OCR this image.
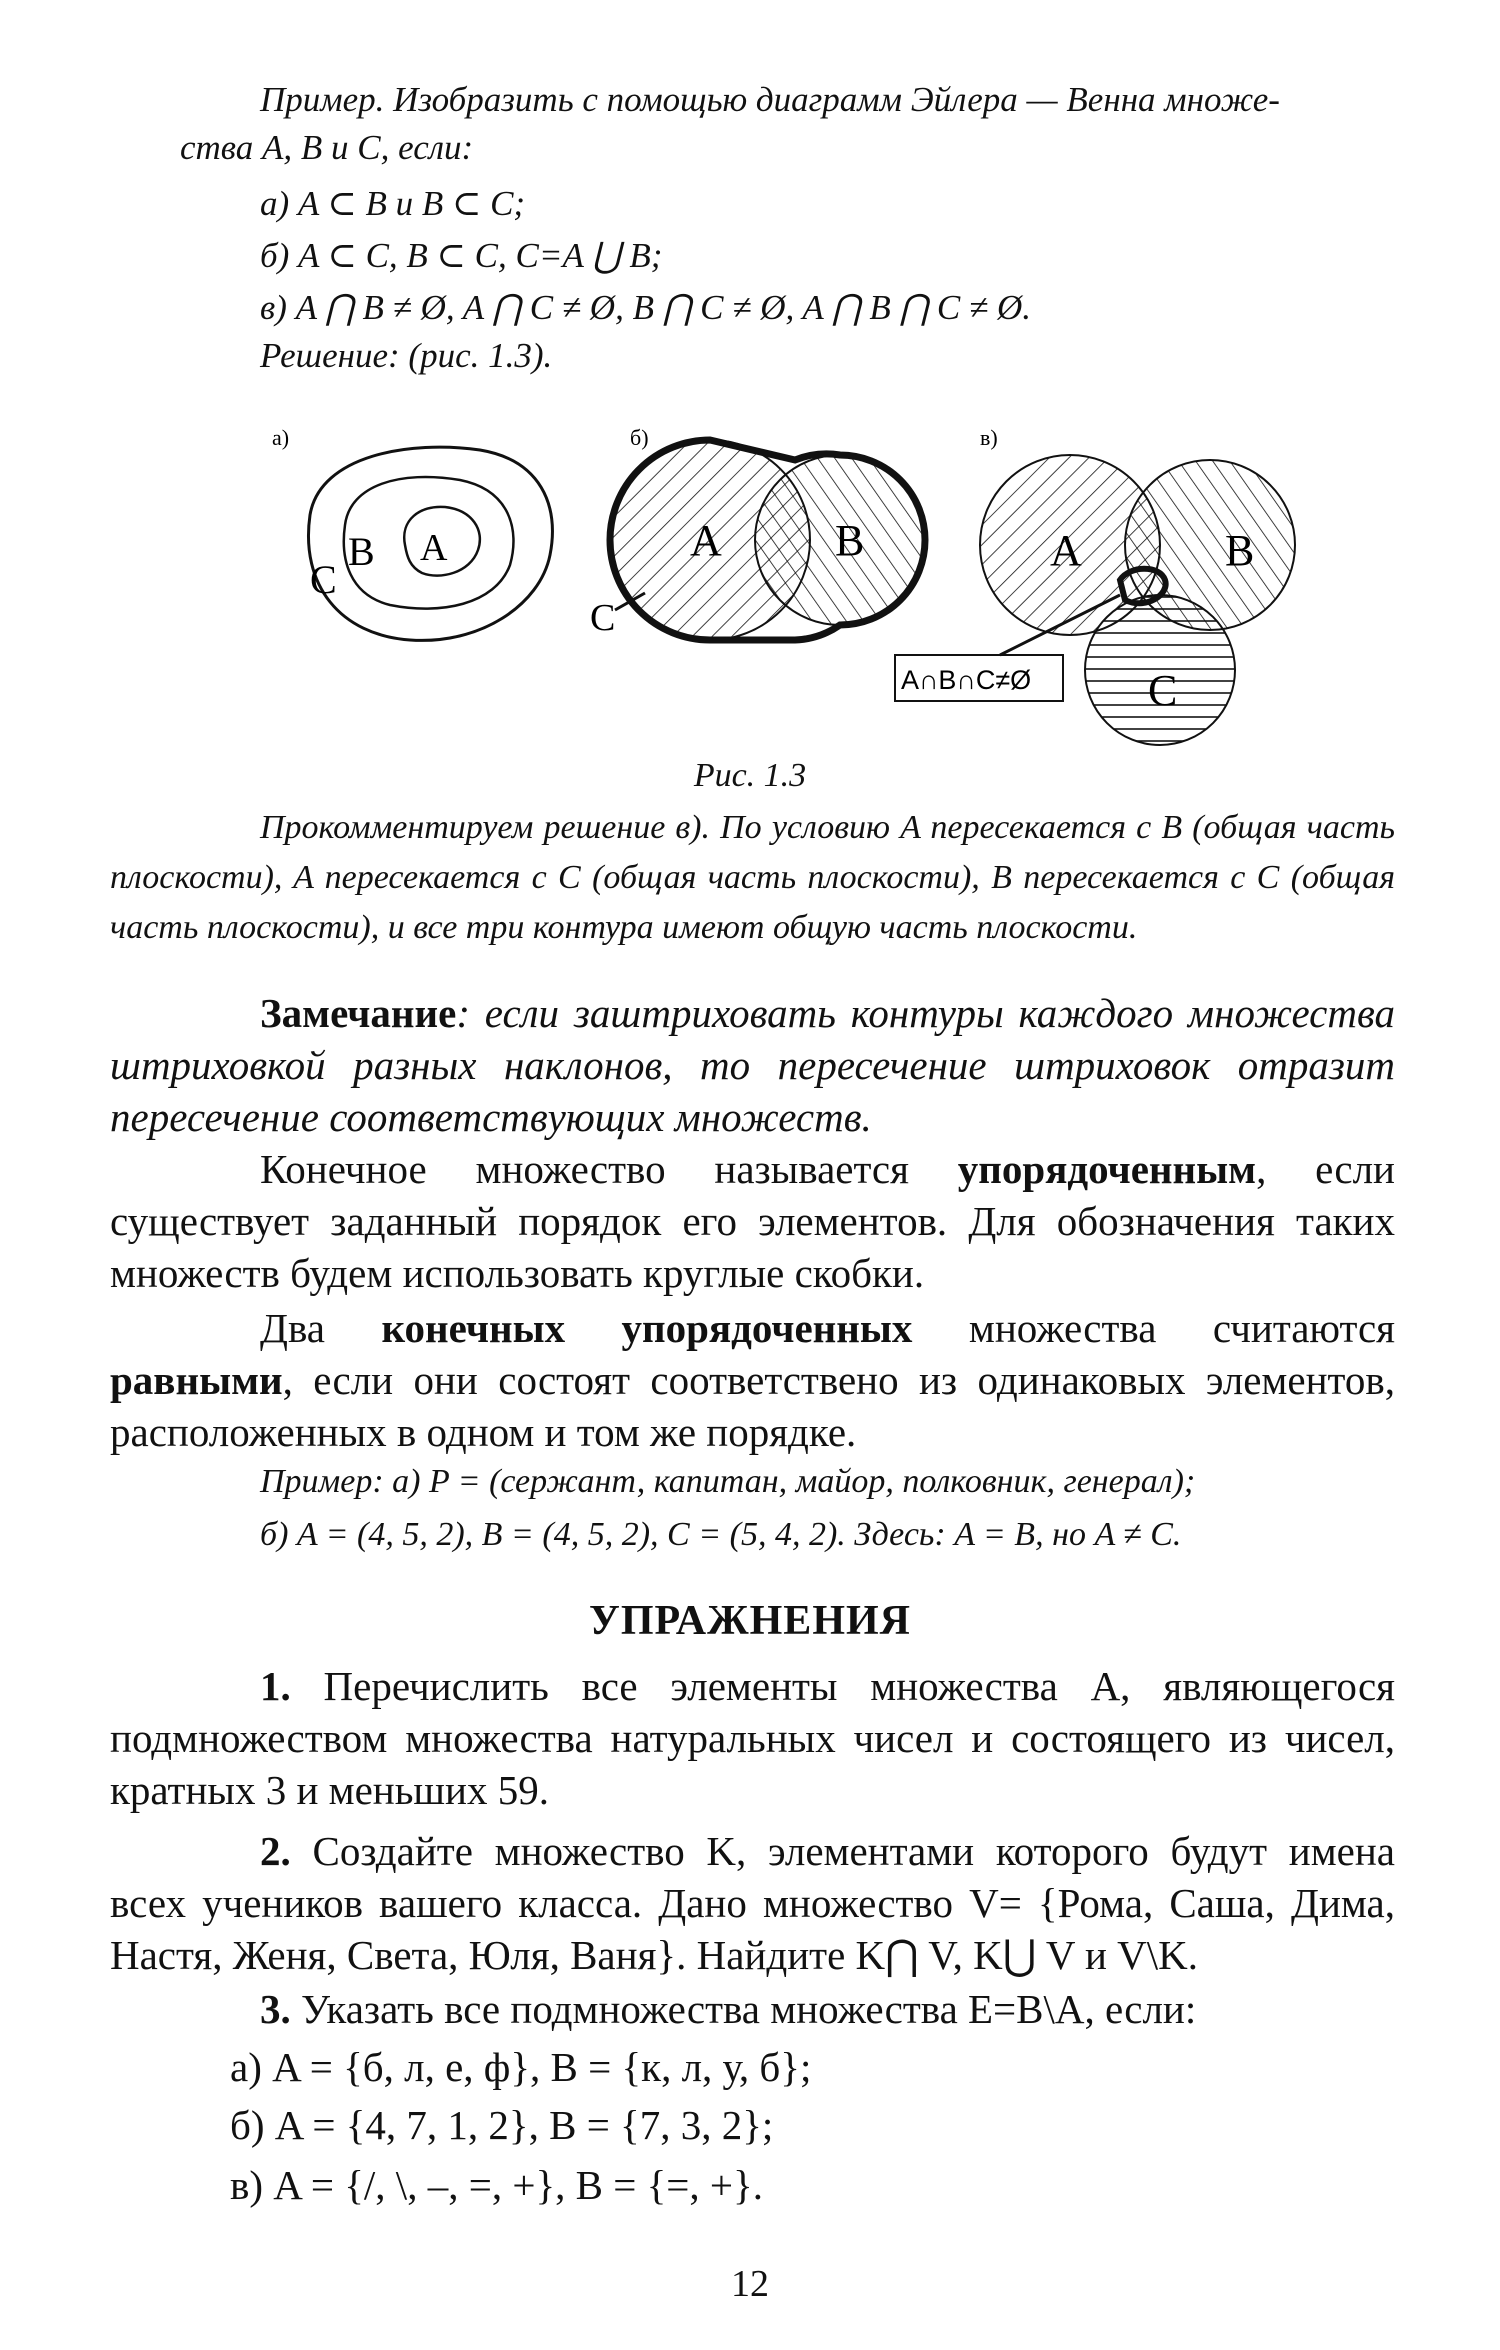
Пример. Изобразить с помощью диаграмм Эйлера — Венна множе-
ства A, B и C, если:
а) A ⊂ B и B ⊂ C;
б) A ⊂ C, B ⊂ C, C=A ⋃ B;
в) A ⋂ B ≠ Ø, A ⋂ C ≠ Ø, B ⋂ C ≠ Ø, A ⋂ B ⋂ C ≠ Ø.
Решение: (рис. 1.3).
а)
C
B A
б)
A	B
C
в)
A	B
C
A∩B∩C≠Ø
Рис. 1.3
Прокомментируем решение в). По условию A пересекается с B (общая часть плоскости), A пересекается с C (общая часть плоскости), B пересекается с C (общая часть плоскости), и все три контура имеют общую часть плоскости.
Замечание: если заштриховать контуры каждого множества штриховкой разных наклонов, то пересечение штриховок отразит пересечение соответствующих множеств.
Конечное множество называется упорядоченным, если существует заданный порядок его элементов. Для обозначения таких множеств будем использовать круглые скобки.
Два конечных упорядоченных множества считаются равными, если они состоят соответствено из одинаковых элементов, расположенных в одном и том же порядке.
Пример: а) P = (сержант, капитан, майор, полковник, генерал);
б) A = (4, 5, 2), B = (4, 5, 2), C = (5, 4, 2). Здесь: A = B, но A ≠ C.
УПРАЖНЕНИЯ
1. Перечислить все элементы множества A, являющегося подмножеством множества натуральных чисел и состоящего из чисел, кратных 3 и меньших 59.
2. Создайте множество K, элементами которого будут имена всех учеников вашего класса. Дано множество V= {Рома, Саша, Дима, Настя, Женя, Света, Юля, Ваня}. Найдите K⋂ V, K⋃ V и V\K.
3. Указать все подмножества множества E=B\A, если:
а) A = {б, л, е, ф}, B = {к, л, у, б};
б) A = {4, 7, 1, 2}, B = {7, 3, 2};
в) A = {/, \, –, =, +}, B = {=, +}.
12
